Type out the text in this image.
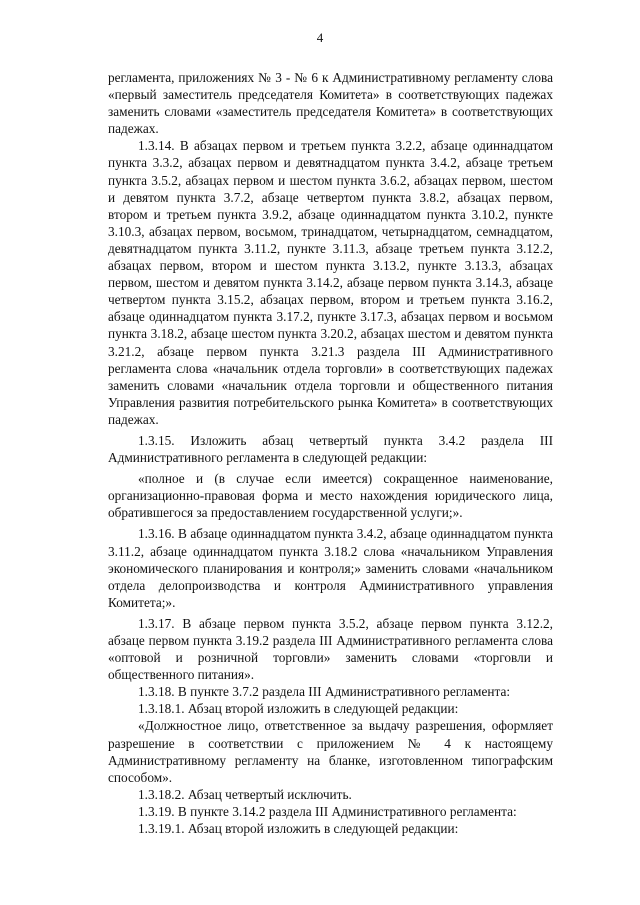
4

регламента, приложениях № 3 - № 6 к Административному регламенту слова «первый заместитель председателя Комитета» в соответствующих падежах заменить словами «заместитель председателя Комитета» в соответствующих падежах.

1.3.14. В абзацах первом и третьем пункта 3.2.2, абзаце одиннадцатом пункта 3.3.2, абзацах первом и девятнадцатом пункта 3.4.2, абзаце третьем пункта 3.5.2, абзацах первом и шестом пункта 3.6.2, абзацах первом, шестом и девятом пункта 3.7.2, абзаце четвертом пункта 3.8.2, абзацах первом, втором и третьем пункта 3.9.2, абзаце одиннадцатом пункта 3.10.2, пункте 3.10.3, абзацах первом, восьмом, тринадцатом, четырнадцатом, семнадцатом, девятнадцатом пункта 3.11.2, пункте 3.11.3, абзаце третьем пункта 3.12.2, абзацах первом, втором и шестом пункта 3.13.2, пункте 3.13.3, абзацах первом, шестом и девятом пункта 3.14.2, абзаце первом пункта 3.14.3, абзаце четвертом пункта 3.15.2, абзацах первом, втором и третьем пункта 3.16.2, абзаце одиннадцатом пункта 3.17.2, пункте 3.17.3, абзацах первом и восьмом пункта 3.18.2, абзаце шестом пункта 3.20.2, абзацах шестом и девятом пункта 3.21.2, абзаце первом пункта 3.21.3 раздела III Административного регламента слова «начальник отдела торговли» в соответствующих падежах заменить словами «начальник отдела торговли и общественного питания Управления развития потребительского рынка Комитета» в соответствующих падежах.

1.3.15. Изложить абзац четвертый пункта 3.4.2 раздела III Административного регламента в следующей редакции:

«полное и (в случае если имеется) сокращенное наименование, организационно-правовая форма и место нахождения юридического лица, обратившегося за предоставлением государственной услуги;».

1.3.16. В абзаце одиннадцатом пункта 3.4.2, абзаце одиннадцатом пункта 3.11.2, абзаце одиннадцатом пункта 3.18.2 слова «начальником Управления экономического планирования и контроля;» заменить словами «начальником отдела делопроизводства и контроля Административного управления Комитета;».

1.3.17. В абзаце первом пункта 3.5.2, абзаце первом пункта 3.12.2, абзаце первом пункта 3.19.2 раздела III Административного регламента слова «оптовой и розничной торговли» заменить словами «торговли и общественного питания».

1.3.18. В пункте 3.7.2 раздела III Административного регламента:

1.3.18.1. Абзац второй изложить в следующей редакции:

«Должностное лицо, ответственное за выдачу разрешения, оформляет разрешение в соответствии с приложением № 4 к настоящему Административному регламенту на бланке, изготовленном типографским способом».

1.3.18.2. Абзац четвертый исключить.

1.3.19. В пункте 3.14.2 раздела III Административного регламента:

1.3.19.1. Абзац второй изложить в следующей редакции:
